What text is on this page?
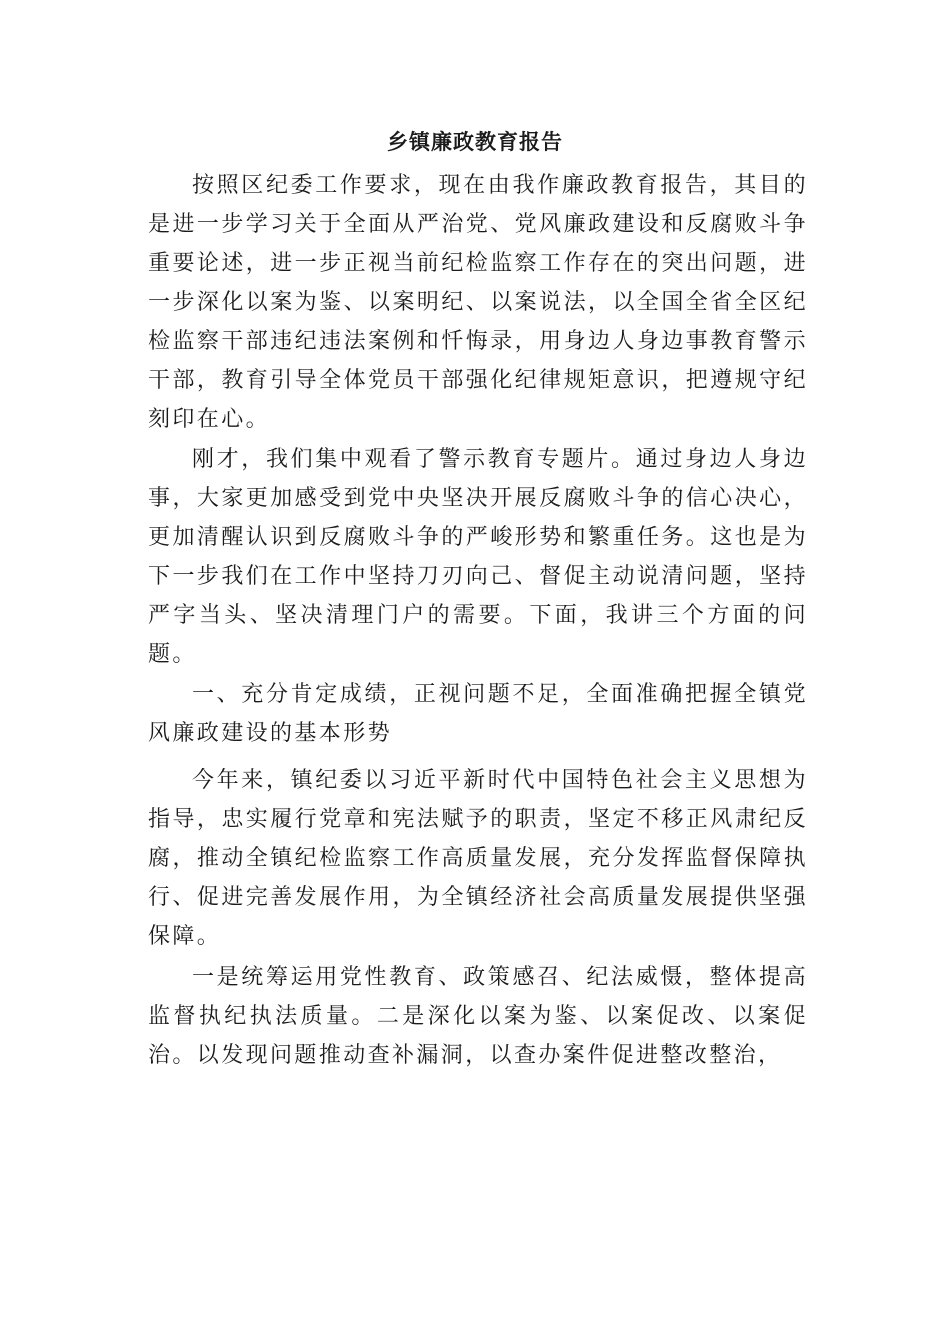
乡镇廉政教育报告

按照区纪委工作要求，现在由我作廉政教育报告，其目的是进一步学习关于全面从严治党、党风廉政建设和反腐败斗争重要论述，进一步正视当前纪检监察工作存在的突出问题，进一步深化以案为鉴、以案明纪、以案说法，以全国全省全区纪检监察干部违纪违法案例和忏悔录，用身边人身边事教育警示干部，教育引导全体党员干部强化纪律规矩意识，把遵规守纪刻印在心。

刚才，我们集中观看了警示教育专题片。通过身边人身边事，大家更加感受到党中央坚决开展反腐败斗争的信心决心，更加清醒认识到反腐败斗争的严峻形势和繁重任务。这也是为下一步我们在工作中坚持刀刃向己、督促主动说清问题，坚持严字当头、坚决清理门户的需要。下面，我讲三个方面的问题。

一、充分肯定成绩，正视问题不足，全面准确把握全镇党风廉政建设的基本形势

今年来，镇纪委以习近平新时代中国特色社会主义思想为指导，忠实履行党章和宪法赋予的职责，坚定不移正风肃纪反腐，推动全镇纪检监察工作高质量发展，充分发挥监督保障执行、促进完善发展作用，为全镇经济社会高质量发展提供坚强保障。

一是统筹运用党性教育、政策感召、纪法威慑，整体提高监督执纪执法质量。二是深化以案为鉴、以案促改、以案促治。以发现问题推动查补漏洞，以查办案件促进整改整治，
